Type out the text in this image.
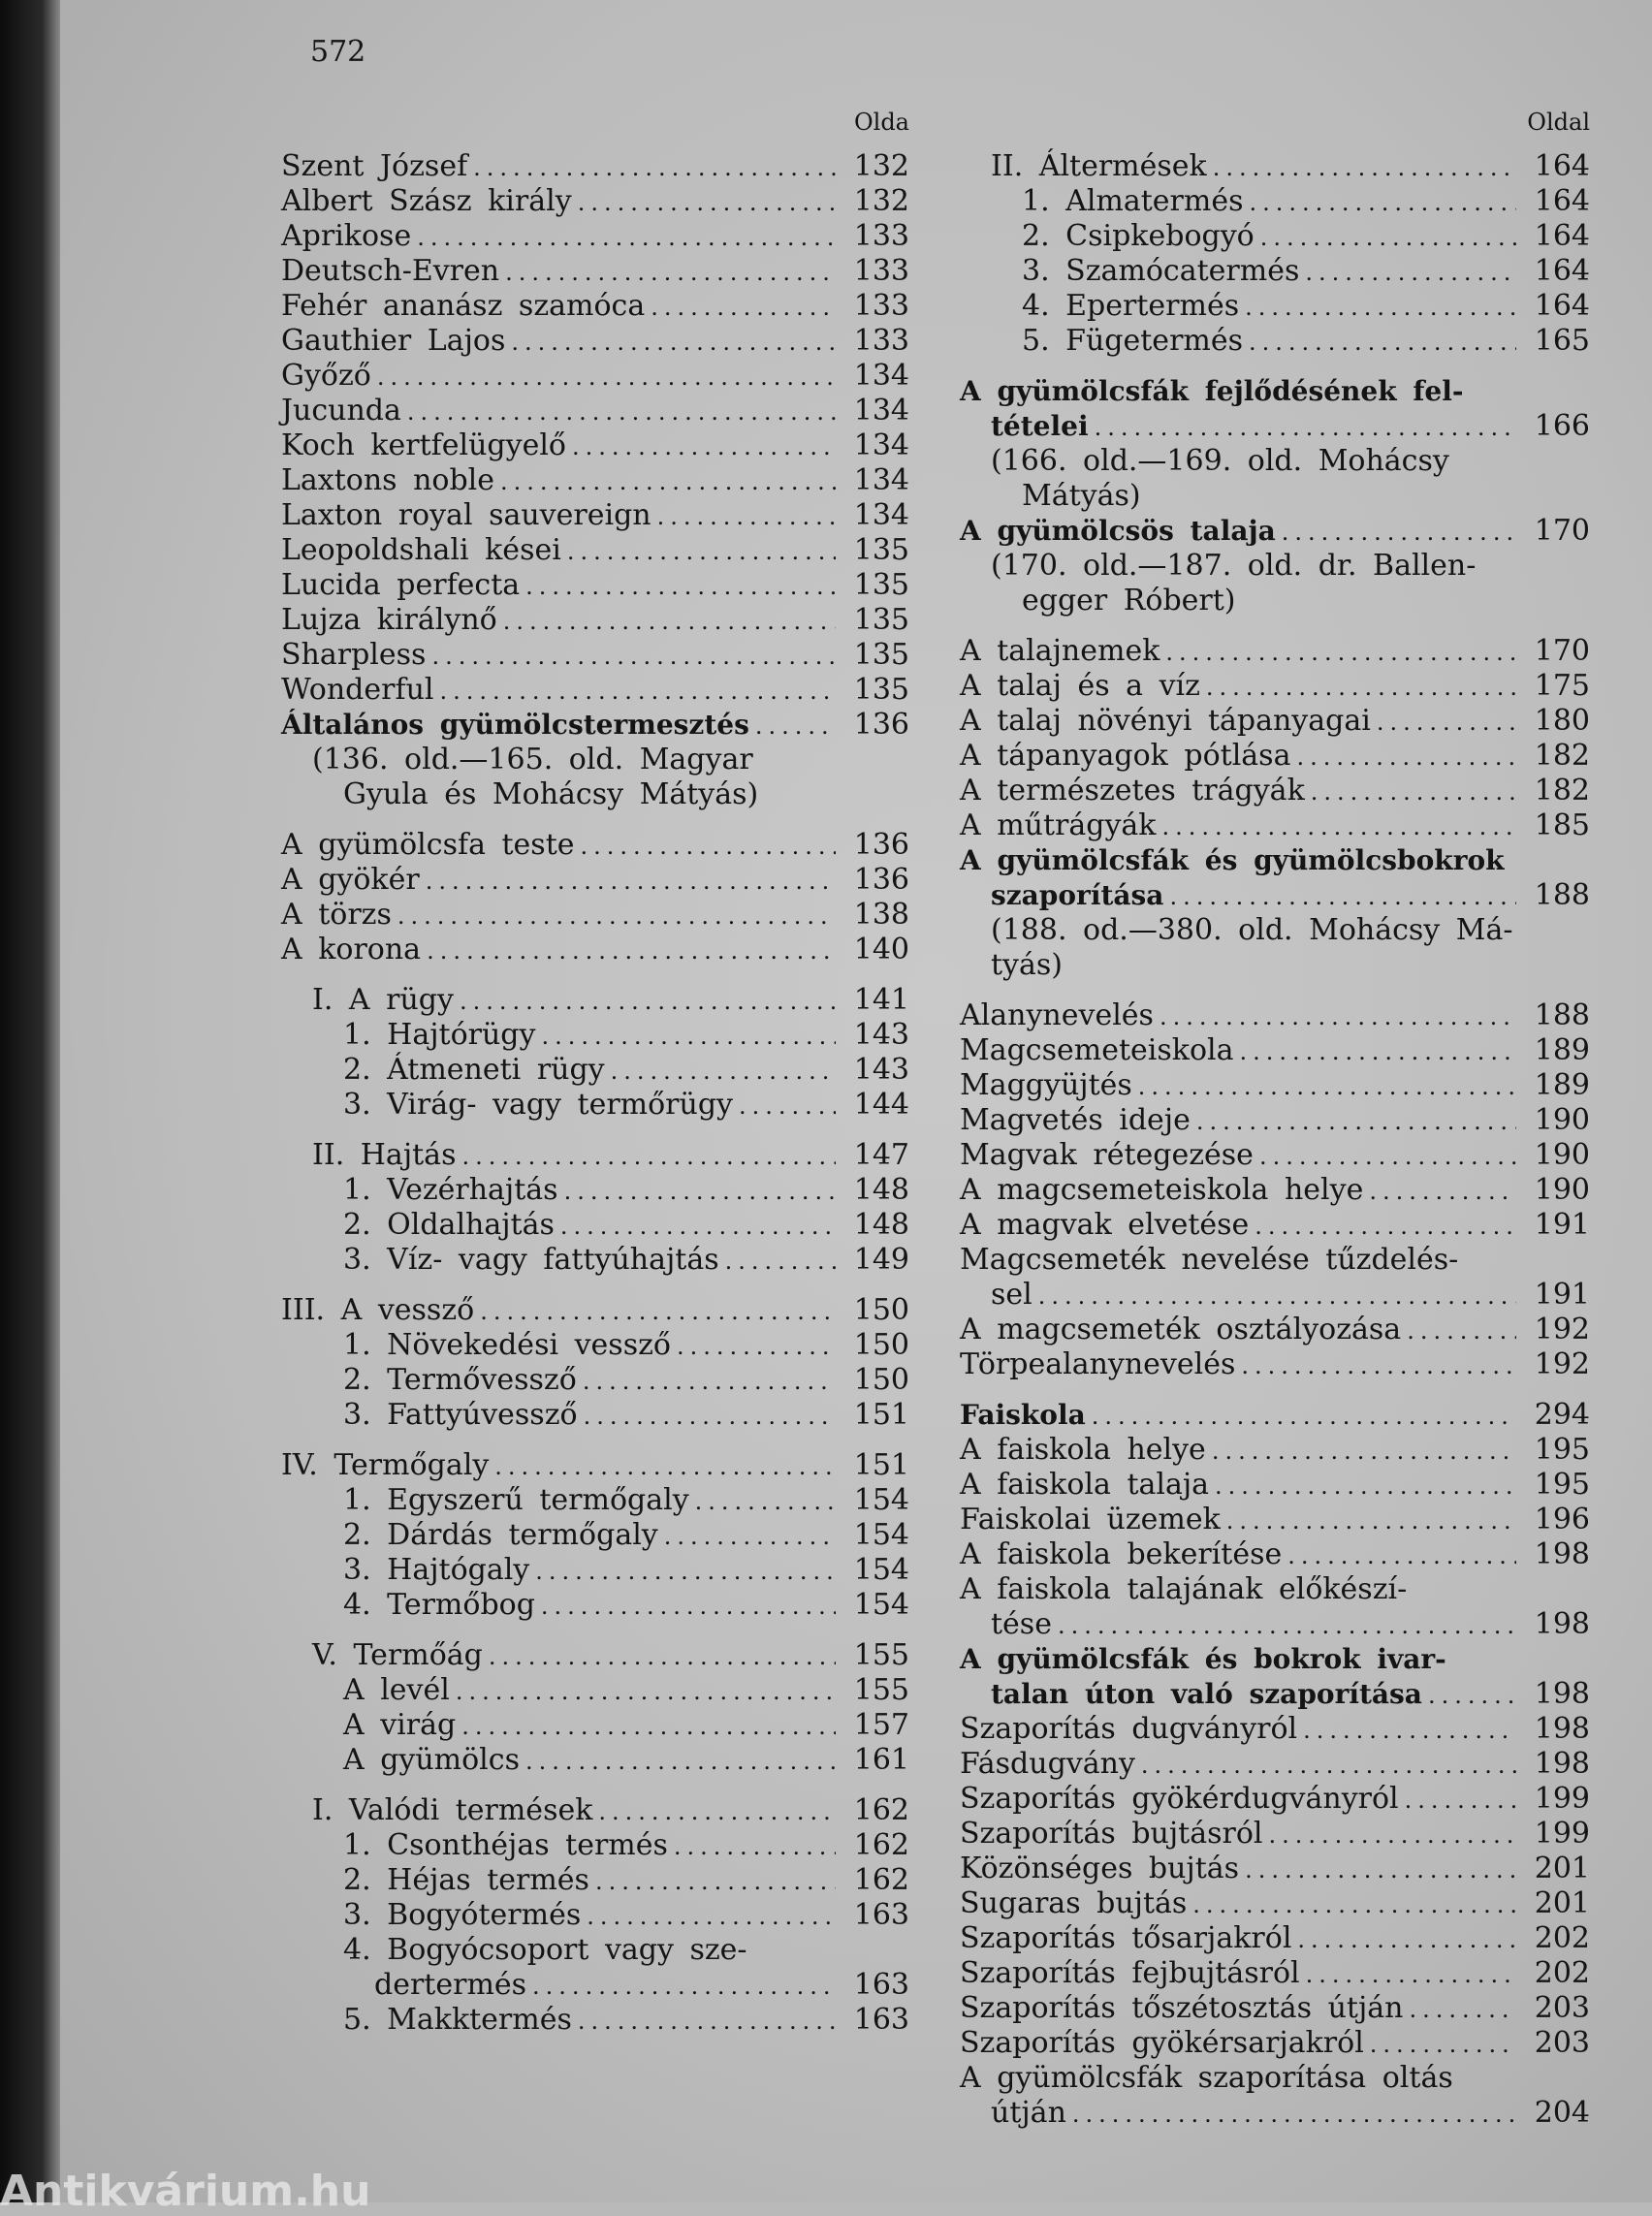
572
Olda
Szent József .....	132
Albert Szász király .....	132
Aprikose .....	133
Deutsch-Evren .....	133
Fehér ananász szamóca .....	133
Gauthier Lajos .....	133
Győző .....	134
Jucunda .....	134
Koch kertfelügyelő .....	134
Laxtons noble .....	134
Laxton royal sauvereign .....	134
Leopoldshali kései .....	135
Lucida perfecta .....	135
Lujza királynő .....	135
Sharpless .....	135
Wonderful .....	135
Általános gyümölcstermesztés .....	136
(136. old.—165. old. Magyar
Gyula és Mohácsy Mátyás)
A gyümölcsfa teste .....	136
A gyökér .....	136
A törzs .....	138
A korona .....	140
I. A rügy .....	141
1. Hajtórügy .....	143
2. Átmeneti rügy .....	143
3. Virág- vagy termőrügy .....	144
II. Hajtás .....	147
1. Vezérhajtás .....	148
2. Oldalhajtás .....	148
3. Víz- vagy fattyúhajtás .....	149
III. A vessző .....	150
1. Növekedési vessző .....	150
2. Termővessző .....	150
3. Fattyúvessző .....	151
IV. Termőgaly .....	151
1. Egyszerű termőgaly .....	154
2. Dárdás termőgaly .....	154
3. Hajtógaly .....	154
4. Termőbog .....	154
V. Termőág .....	155
A levél .....	155
A virág .....	157
A gyümölcs .....	161
I. Valódi termések .....	162
1. Csonthéjas termés .....	162
2. Héjas termés .....	162
3. Bogyótermés .....	163
4. Bogyócsoport vagy sze-
dertermés .....	163
5. Makktermés .....	163
Oldal
II. Áltermések .....	164
1. Almatermés .....	164
2. Csipkebogyó .....	164
3. Szamócatermés .....	164
4. Epertermés .....	164
5. Fügetermés .....	165
A gyümölcsfák fejlődésének fel-
tételei .....	166
(166. old.—169. old. Mohácsy
Mátyás)
A gyümölcsös talaja .....	170
(170. old.—187. old. dr. Ballen-
egger Róbert)
A talajnemek .....	170
A talaj és a víz .....	175
A talaj növényi tápanyagai .....	180
A tápanyagok pótlása .....	182
A természetes trágyák .....	182
A műtrágyák .....	185
A gyümölcsfák és gyümölcsbokrok
szaporítása .....	188
(188. od.—380. old. Mohácsy Má-
tyás)
Alanynevelés .....	188
Magcsemeteiskola .....	189
Maggyüjtés .....	189
Magvetés ideje .....	190
Magvak rétegezése .....	190
A magcsemeteiskola helye .....	190
A magvak elvetése .....	191
Magcsemeték nevelése tűzdelés-
sel .....	191
A magcsemeték osztályozása .....	192
Törpealanynevelés .....	192
Faiskola .....	294
A faiskola helye .....	195
A faiskola talaja .....	195
Faiskolai üzemek .....	196
A faiskola bekerítése .....	198
A faiskola talajának előkészí-
tése .....	198
A gyümölcsfák és bokrok ivar-
talan úton való szaporítása .....	198
Szaporítás dugványról .....	198
Fásdugvány .....	198
Szaporítás gyökérdugványról .....	199
Szaporítás bujtásról .....	199
Közönséges bujtás .....	201
Sugaras bujtás .....	201
Szaporítás tősarjakról .....	202
Szaporítás fejbujtásról .....	202
Szaporítás tőszétosztás útján .....	203
Szaporítás gyökérsarjakról .....	203
A gyümölcsfák szaporítása oltás
útján .....	204
Antikvárium.hu
